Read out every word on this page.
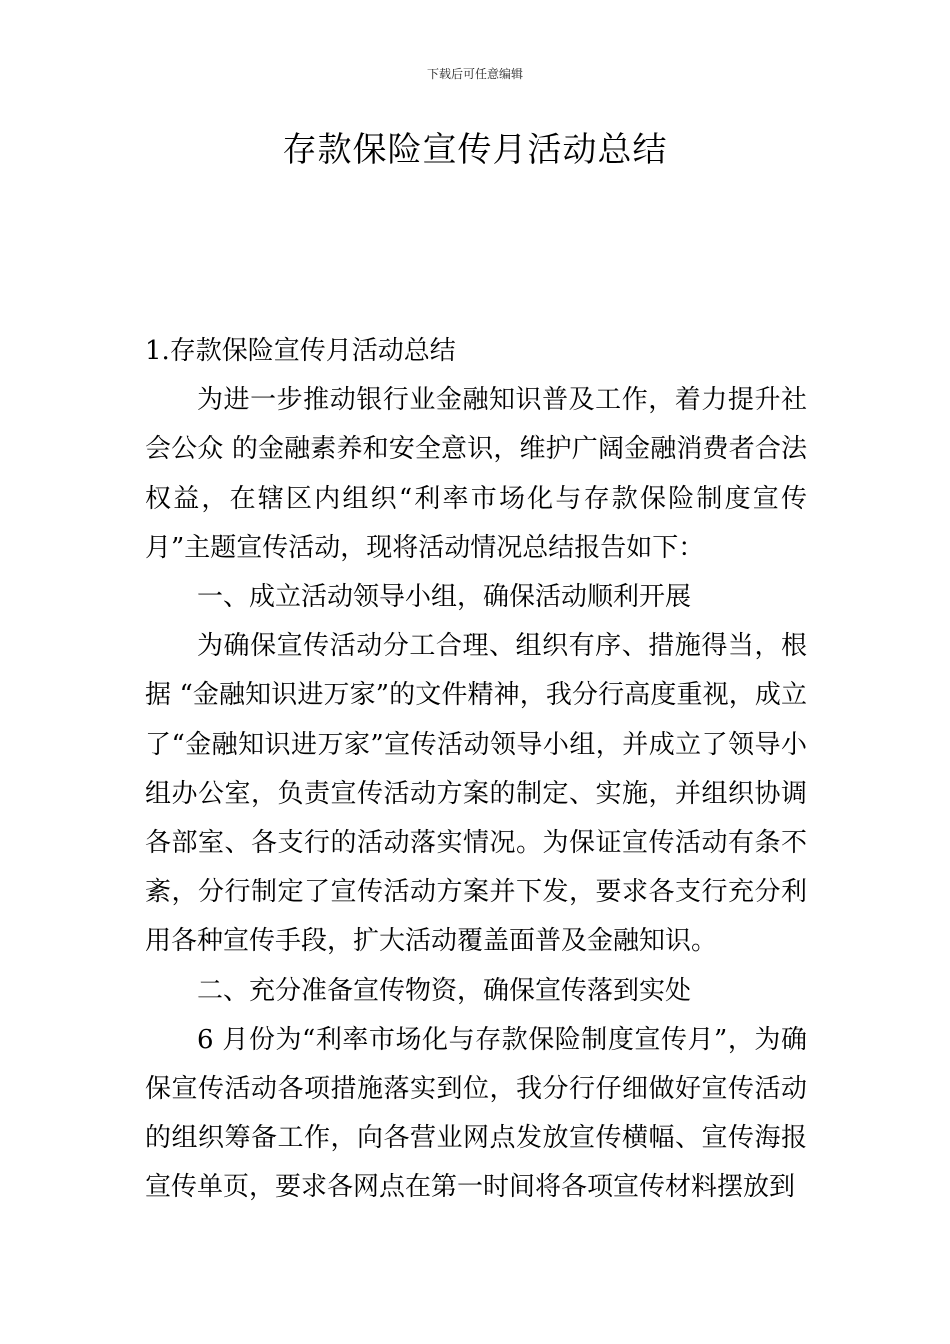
下载后可任意编辑
存款保险宣传月活动总结

1.存款保险宣传月活动总结

为进一步推动银行业金融知识普及工作，着力提升社会公众 的金融素养和安全意识，维护广阔金融消费者合法权益，在辖区内组织“利率市场化与存款保险制度宣传月”主题宣传活动，现将活动情况总结报告如下：

一、成立活动领导小组，确保活动顺利开展

为确保宣传活动分工合理、组织有序、措施得当，根据 “金融知识进万家”的文件精神，我分行高度重视，成立了“金融知识进万家”宣传活动领导小组，并成立了领导小组办公室，负责宣传活动方案的制定、实施，并组织协调各部室、各支行的活动落实情况。为保证宣传活动有条不紊，分行制定了宣传活动方案并下发，要求各支行充分利用各种宣传手段，扩大活动覆盖面普及金融知识。

二、充分准备宣传物资，确保宣传落到实处

6 月份为“利率市场化与存款保险制度宣传月”，为确保宣传活动各项措施落实到位，我分行仔细做好宣传活动的组织筹备工作，向各营业网点发放宣传横幅、宣传海报宣传单页，要求各网点在第一时间将各项宣传材料摆放到
